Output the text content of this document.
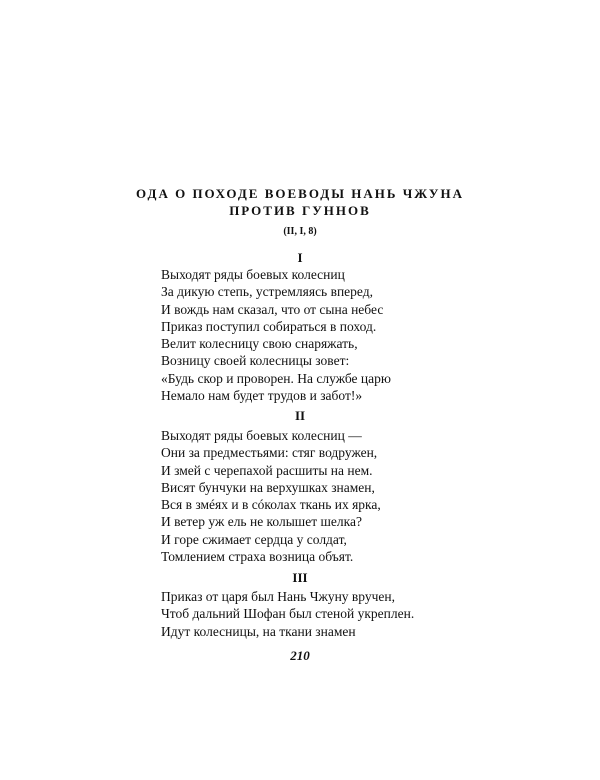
ОДА О ПОХОДЕ ВОЕВОДЫ НАНЬ ЧЖУНА
ПРОТИВ ГУННОВ
(II, I, 8)
I
Выходят ряды боевых колесниц
За дикую степь, устремляясь вперед,
И вождь нам сказал, что от сына небес
Приказ поступил собираться в поход.
Велит колесницу свою снаряжать,
Возницу своей колесницы зовет:
«Будь скор и проворен. На службе царю
Немало нам будет трудов и забот!»
II
Выходят ряды боевых колесниц —
Они за предместьями: стяг водружен,
И змей с черепахой расшиты на нем.
Висят бунчуки на верхушках знамен,
Вся в змéях и в сóколах ткань их ярка,
И ветер уж ель не колышет шелка?
И горе сжимает сердца у солдат,
Томлением страха возница объят.
III
Приказ от царя был Нань Чжуну вручен,
Чтоб дальний Шофан был стеной укреплен.
Идут колесницы, на ткани знамен
210
